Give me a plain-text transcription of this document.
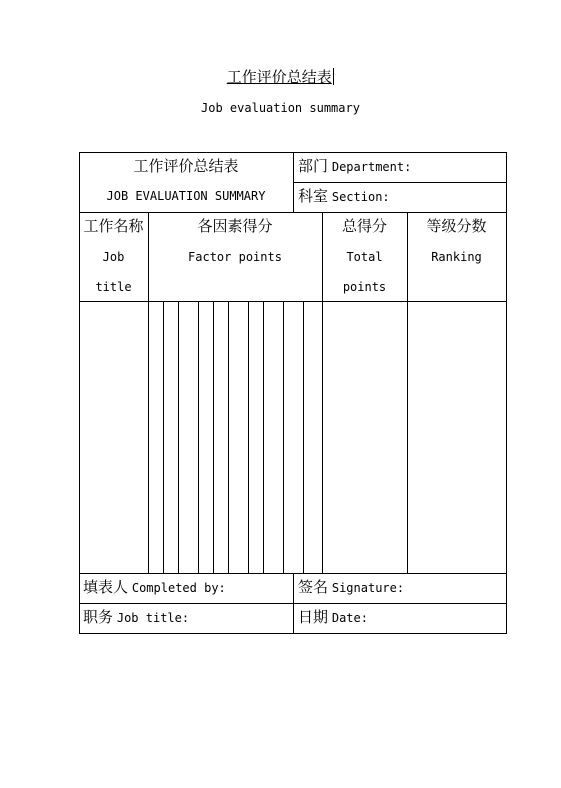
工作评价总结表
Job evaluation summary
工作评价总结表
JOB EVALUATION SUMMARY
部门 Department:
科室 Section:
工作名称
Job
title
各因素得分
Factor points
总得分
Total
points
等级分数
Ranking
填表人 Completed by:	签名 Signature:
职务 Job title:	日期 Date:
